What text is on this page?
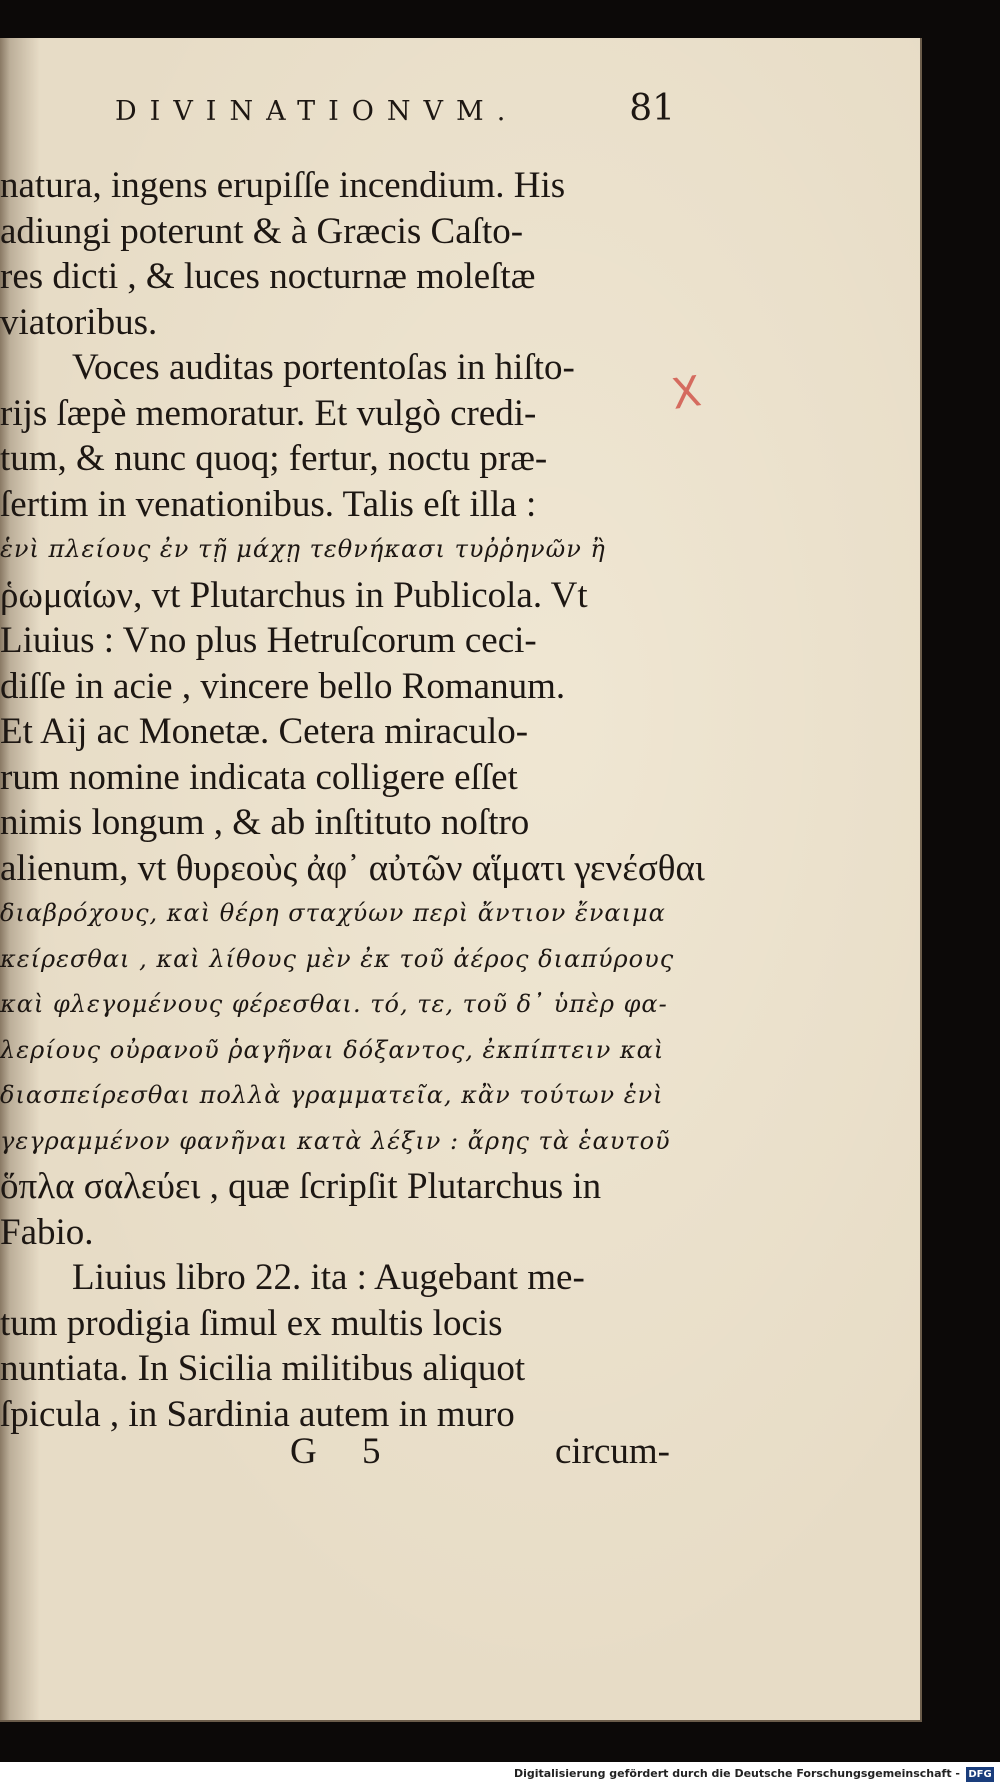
DIVINATIONVM.	81
natura, ingens erupiſſe incendium. His
adiungi poterunt & à Græcis Caſto-
res dicti , & luces nocturnæ moleſtæ
viatoribus.
Voces auditas portentoſas in hiſto-
rijs ſæpè memoratur. Et vulgò credi-
tum, & nunc quoq; fertur, noctu præ-
ſertim in venationibus. Talis eſt illa :
ἑνὶ πλείους ἐν τῇ μάχῃ τεθνήκασι τυῤῥηνῶν ἢ
ῥωμαίων, vt Plutarchus in Publicola. Vt
Liuius : Vno plus Hetruſcorum ceci-
diſſe in acie , vincere bello Romanum.
Et Aij ac Monetæ. Cetera miraculo-
rum nomine indicata colligere eſſet
nimis longum , & ab inſtituto noſtro
alienum, vt θυρεοὺς ἀφ᾽ αὐτῶν αἵματι γενέσθαι
διαβρόχους, καὶ θέρη σταχύων περὶ ἄντιον ἔναιμα
κείρεσθαι , καὶ λίθους μὲν ἐκ τοῦ ἀέρος διαπύρους
καὶ φλεγομένους φέρεσθαι. τό, τε, τοῦ δ᾽ ὑπὲρ φα-
λερίους οὐρανοῦ ῥαγῆναι δόξαντος, ἐκπίπτειν καὶ
διασπείρεσθαι πολλὰ γραμματεῖα, κἂν τούτων ἑνὶ
γεγραμμένον φανῆναι κατὰ λέξιν : ἄρης τὰ ἑαυτοῦ
ὅπλα σαλεύει , quæ ſcripſit Plutarchus in
Fabio.
Liuius libro 22. ita : Augebant me-
tum prodigia ſimul ex multis locis
nuntiata. In Sicilia militibus aliquot
ſpicula , in Sardinia autem in muro
X
G 5	circum-
Digitalisierung gefördert durch die Deutsche Forschungsgemeinschaft - DFG
